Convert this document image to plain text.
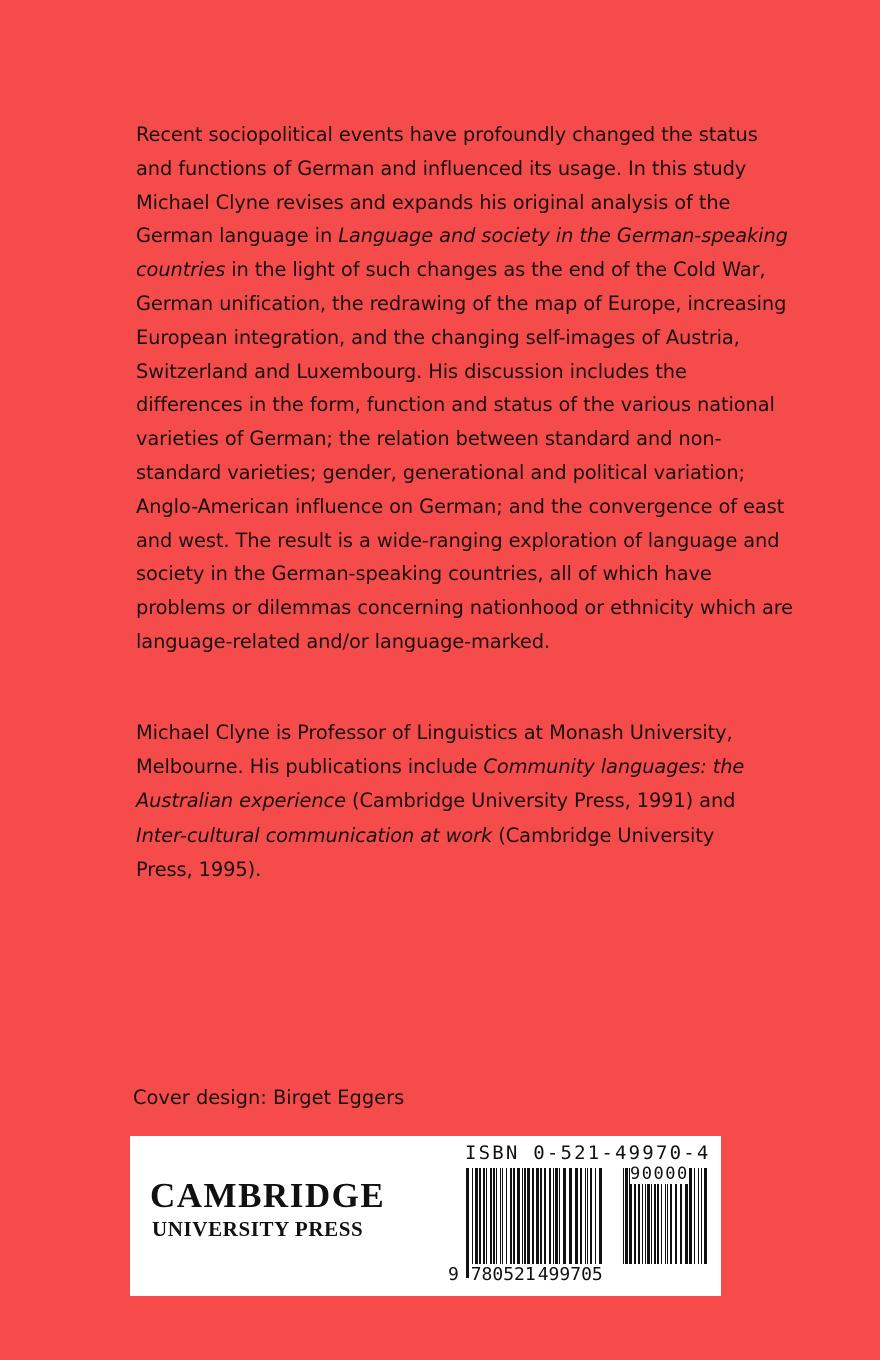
Recent sociopolitical events have profoundly changed the status and functions of German and influenced its usage. In this study Michael Clyne revises and expands his original analysis of the German language in Language and society in the German-speaking countries in the light of such changes as the end of the Cold War, German unification, the redrawing of the map of Europe, increasing European integration, and the changing self-images of Austria, Switzerland and Luxembourg. His discussion includes the differences in the form, function and status of the various national varieties of German; the relation between standard and non-standard varieties; gender, generational and political variation; Anglo-American influence on German; and the convergence of east and west. The result is a wide-ranging exploration of language and society in the German-speaking countries, all of which have problems or dilemmas concerning nationhood or ethnicity which are language-related and/or language-marked.

Michael Clyne is Professor of Linguistics at Monash University, Melbourne. His publications include Community languages: the Australian experience (Cambridge University Press, 1991) and Inter-cultural communication at work (Cambridge University Press, 1995).

Cover design: Birget Eggers

CAMBRIDGE
UNIVERSITY PRESS

ISBN 0-521-49970-4

90000

9 780521 499705
